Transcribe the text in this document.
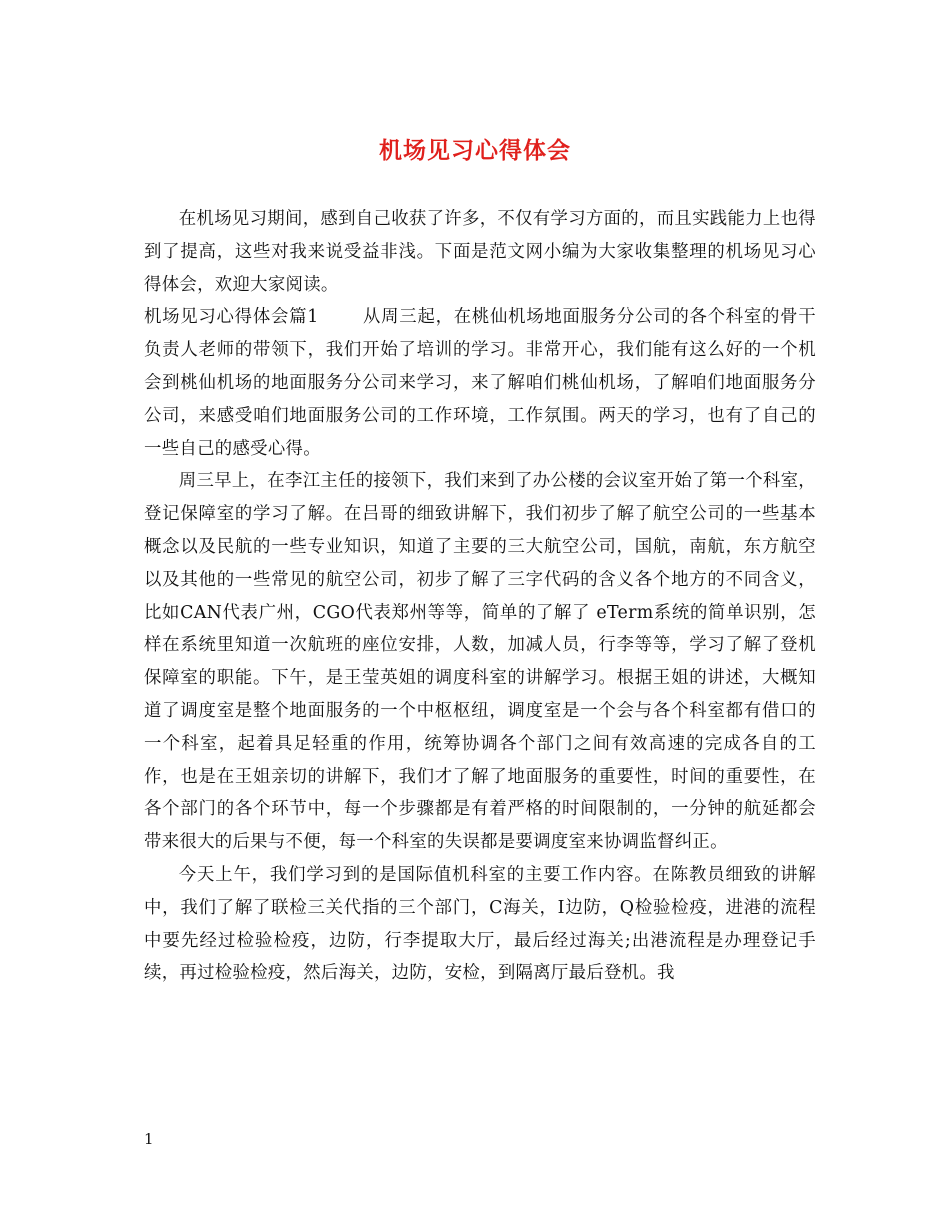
机场见习心得体会

在机场见习期间，感到自己收获了许多，不仅有学习方面的，而且实践能力上也得到了提高，这些对我来说受益非浅。下面是范文网小编为大家收集整理的机场见习心得体会，欢迎大家阅读。

机场见习心得体会篇1	从周三起，在桃仙机场地面服务分公司的各个科室的骨干负责人老师的带领下，我们开始了培训的学习。非常开心，我们能有这么好的一个机会到桃仙机场的地面服务分公司来学习，来了解咱们桃仙机场，了解咱们地面服务分公司，来感受咱们地面服务公司的工作环境，工作氛围。两天的学习，也有了自己的一些自己的感受心得。

周三早上，在李江主任的接领下，我们来到了办公楼的会议室开始了第一个科室，登记保障室的学习了解。在吕哥的细致讲解下，我们初步了解了航空公司的一些基本概念以及民航的一些专业知识，知道了主要的三大航空公司，国航，南航，东方航空以及其他的一些常见的航空公司，初步了解了三字代码的含义各个地方的不同含义，比如CAN代表广州，CGO代表郑州等等，简单的了解了 eTerm系统的简单识别，怎样在系统里知道一次航班的座位安排，人数，加减人员，行李等等，学习了解了登机保障室的职能。下午，是王莹英姐的调度科室的讲解学习。根据王姐的讲述，大概知道了调度室是整个地面服务的一个中枢枢纽，调度室是一个会与各个科室都有借口的一个科室，起着具足轻重的作用，统筹协调各个部门之间有效高速的完成各自的工作，也是在王姐亲切的讲解下，我们才了解了地面服务的重要性，时间的重要性，在各个部门的各个环节中，每一个步骤都是有着严格的时间限制的，一分钟的航延都会带来很大的后果与不便，每一个科室的失误都是要调度室来协调监督纠正。

今天上午，我们学习到的是国际值机科室的主要工作内容。在陈教员细致的讲解中，我们了解了联检三关代指的三个部门，C海关，I边防，Q检验检疫，进港的流程中要先经过检验检疫，边防，行李提取大厅，最后经过海关;出港流程是办理登记手续，再过检验检疫，然后海关，边防，安检，到隔离厅最后登机。我

1
